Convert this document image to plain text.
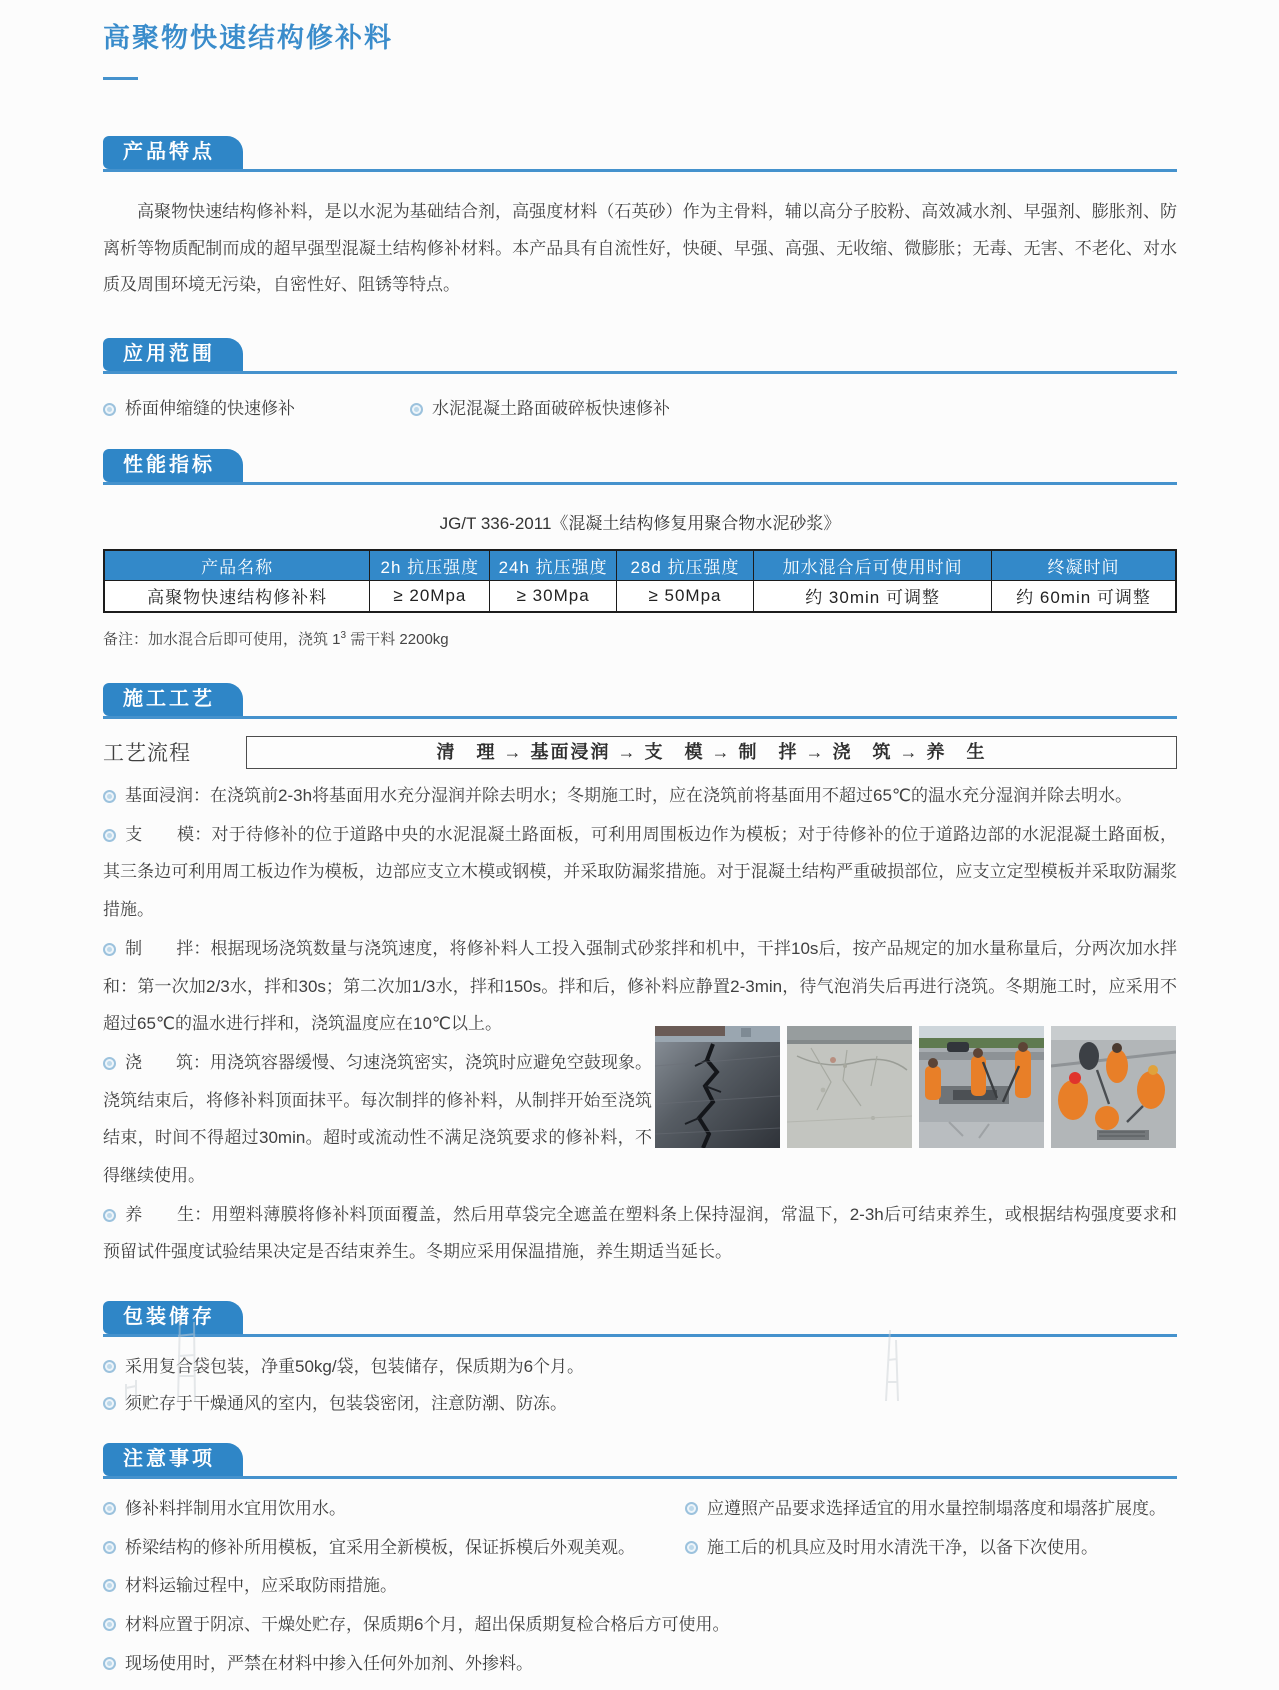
高聚物快速结构修补料
产品特点

高聚物快速结构修补料，是以水泥为基础结合剂，高强度材料（石英砂）作为主骨料，辅以高分子胶粉、高效减水剂、早强剂、膨胀剂、防离析等物质配制而成的超早强型混凝土结构修补材料。本产品具有自流性好，快硬、早强、高强、无收缩、微膨胀；无毒、无害、不老化、对水质及周围环境无污染，自密性好、阻锈等特点。

应用范围
桥面伸缩缝的快速修补	水泥混凝土路面破碎板快速修补
性能指标
JG/T 336-2011《混凝土结构修复用聚合物水泥砂浆》
产品名称	2h 抗压强度	24h 抗压强度	28d 抗压强度	加水混合后可使用时间	终凝时间
高聚物快速结构修补料	≥ 20Mpa	≥ 30Mpa	≥ 50Mpa	约 30min 可调整	约 60min 可调整
备注：加水混合后即可使用，浇筑 $1^3$ 需干料 2200kg
施工工艺
工艺流程	清　理 → 基面浸润 → 支　模 → 制　拌 → 浇　筑 → 养　生

基面浸润：在浇筑前2-3h将基面用水充分湿润并除去明水；冬期施工时，应在浇筑前将基面用不超过65℃的温水充分湿润并除去明水。

支　　模：对于待修补的位于道路中央的水泥混凝土路面板，可利用周围板边作为模板；对于待修补的位于道路边部的水泥混凝土路面板，其三条边可利用周工板边作为模板，边部应支立木模或钢模，并采取防漏浆措施。对于混凝土结构严重破损部位，应支立定型模板并采取防漏浆措施。

制　　拌：根据现场浇筑数量与浇筑速度，将修补料人工投入强制式砂浆拌和机中，干拌10s后，按产品规定的加水量称量后，分两次加水拌和：第一次加2/3水，拌和30s；第二次加1/3水，拌和150s。拌和后，修补料应静置2-3min，待气泡消失后再进行浇筑。冬期施工时，应采用不超过65℃的温水进行拌和，浇筑温度应在10℃以上。

浇　　筑：用浇筑容器缓慢、匀速浇筑密实，浇筑时应避免空鼓现象。浇筑结束后，将修补料顶面抹平。每次制拌的修补料，从制拌开始至浇筑结束，时间不得超过30min。超时或流动性不满足浇筑要求的修补料，不得继续使用。

养　　生：用塑料薄膜将修补料顶面覆盖，然后用草袋完全遮盖在塑料条上保持湿润，常温下，2-3h后可结束养生，或根据结构强度要求和预留试件强度试验结果决定是否结束养生。冬期应采用保温措施，养生期适当延长。

包装储存
采用复合袋包装，净重50kg/袋，包装储存，保质期为6个月。
须贮存于干燥通风的室内，包装袋密闭，注意防潮、防冻。
注意事项
修补料拌制用水宜用饮用水。	应遵照产品要求选择适宜的用水量控制塌落度和塌落扩展度。
桥梁结构的修补所用模板，宜采用全新模板，保证拆模后外观美观。	施工后的机具应及时用水清洗干净，以备下次使用。
材料运输过程中，应采取防雨措施。
材料应置于阴凉、干燥处贮存，保质期6个月，超出保质期复检合格后方可使用。
现场使用时，严禁在材料中掺入任何外加剂、外掺料。
